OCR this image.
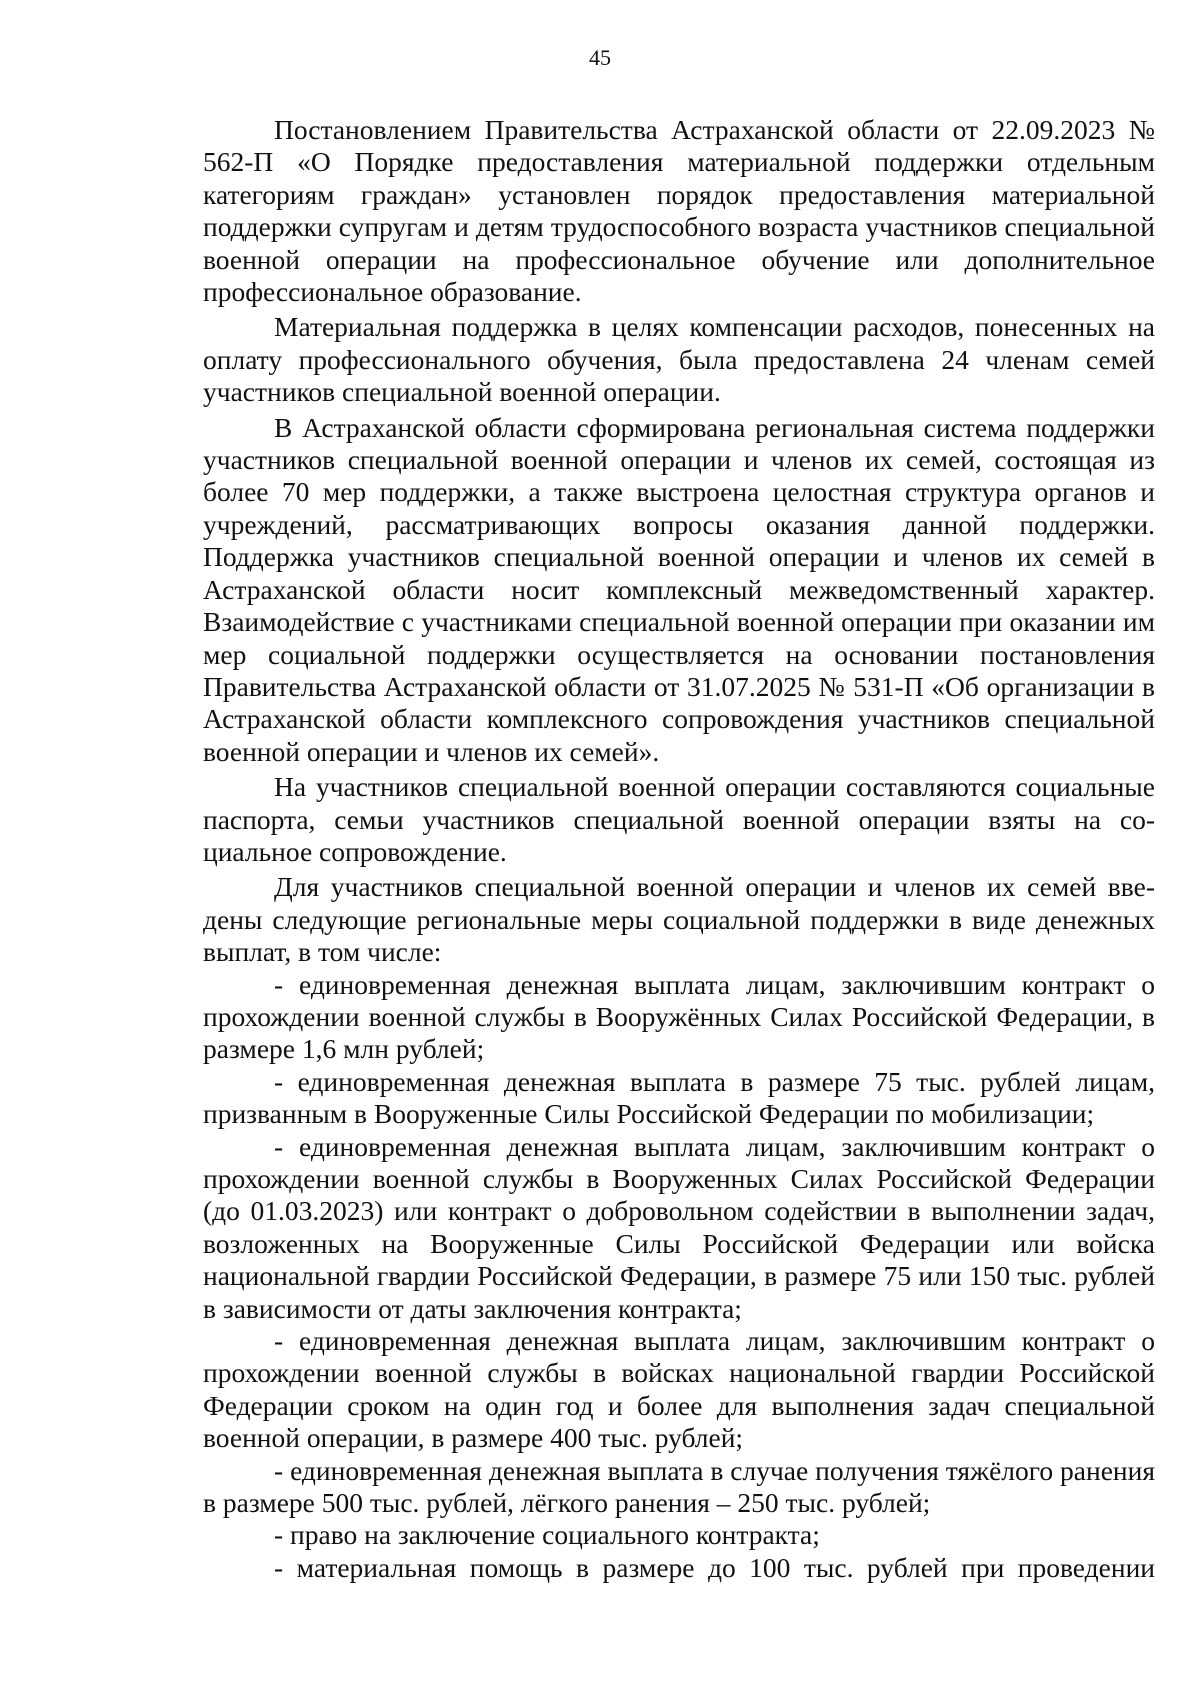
45

Постановлением Правительства Астраханской области от 22.09.2023 № 562-П «О Порядке предоставления материальной поддержки отдельным категориям граждан» установлен порядок предоставления материальной поддержки супругам и детям трудоспособного возраста участников специальной военной операции на профессиональное обучение или дополнительное профессиональное образование.

Материальная поддержка в целях компенсации расходов, понесенных на оплату профессионального обучения, была предоставлена 24 членам семей участников специальной военной операции.

В Астраханской области сформирована региональная система поддержки участников специальной военной операции и членов их семей, состоящая из более 70 мер поддержки, а также выстроена целостная структура органов и учреждений, рассматривающих вопросы оказания данной поддержки. Поддержка участников специальной военной операции и членов их семей в Астраханской области носит комплексный межведомственный характер. Взаимодействие с участниками специальной военной операции при оказании им мер социальной поддержки осуществляется на основании постановления Правительства Астраханской области от 31.07.2025 № 531-П «Об организации в Астраханской области комплексного сопровождения участников специальной военной операции и членов их семей».

На участников специальной военной операции составляются социальные паспорта, семьи участников специальной военной операции взяты на социальное сопровождение.

Для участников специальной военной операции и членов их семей введены следующие региональные меры социальной поддержки в виде денежных выплат, в том числе:

- единовременная денежная выплата лицам, заключившим контракт о прохождении военной службы в Вооружённых Силах Российской Федерации, в размере 1,6 млн рублей;

- единовременная денежная выплата в размере 75 тыс. рублей лицам, призванным в Вооруженные Силы Российской Федерации по мобилизации;

- единовременная денежная выплата лицам, заключившим контракт о прохождении военной службы в Вооруженных Силах Российской Федерации (до 01.03.2023) или контракт о добровольном содействии в выполнении задач, возложенных на Вооруженные Силы Российской Федерации или войска национальной гвардии Российской Федерации, в размере 75 или 150 тыс. рублей в зависимости от даты заключения контракта;

- единовременная денежная выплата лицам, заключившим контракт о прохождении военной службы в войсках национальной гвардии Российской Федерации сроком на один год и более для выполнения задач специальной военной операции, в размере 400 тыс. рублей;

- единовременная денежная выплата в случае получения тяжёлого ранения в размере 500 тыс. рублей, лёгкого ранения – 250 тыс. рублей;

- право на заключение социального контракта;

- материальная помощь в размере до 100 тыс. рублей при проведении
